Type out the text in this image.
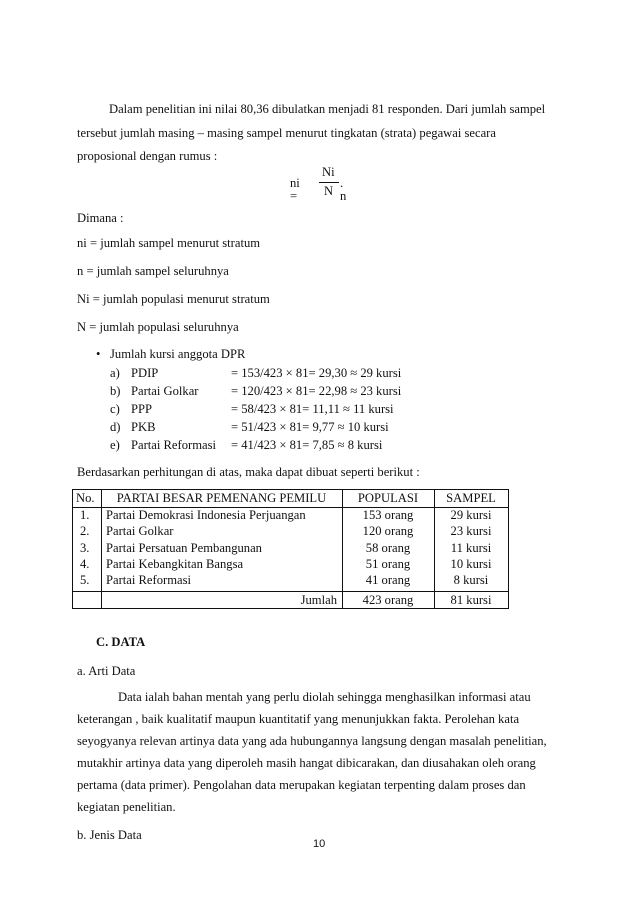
Dalam penelitian ini nilai 80,36 dibulatkan menjadi 81 responden. Dari jumlah sampel
tersebut jumlah masing – masing sampel menurut tingkatan (strata) pegawai secara
proposional dengan rumus :
ni =
Ni
N
. n
Dimana :
ni = jumlah sampel menurut stratum
n = jumlah sampel seluruhnya
Ni = jumlah populasi menurut stratum
N = jumlah populasi seluruhnya
• Jumlah kursi anggota DPR
a) PDIP	= 153/423 × 81= 29,30 ≈ 29 kursi
b) Partai Golkar	= 120/423 × 81= 22,98 ≈ 23 kursi
c) PPP	= 58/423 × 81= 11,11 ≈ 11 kursi
d) PKB	= 51/423 × 81= 9,77 ≈ 10 kursi
e) Partai Reformasi = 41/423 × 81= 7,85 ≈ 8 kursi
Berdasarkan perhitungan di atas, maka dapat dibuat seperti berikut :
No.	PARTAI BESAR PEMENANG PEMILU	POPULASI	SAMPEL
1. Partai Demokrasi Indonesia Perjuangan	153 orang	29 kursi
2. Partai Golkar	120 orang	23 kursi
3. Partai Persatuan Pembangunan	58 orang	11 kursi
4. Partai Kebangkitan Bangsa	51 orang	10 kursi
5. Partai Reformasi	41 orang	8 kursi
Jumlah	423 orang	81 kursi
C. DATA
a. Arti Data
Data ialah bahan mentah yang perlu diolah sehingga menghasilkan informasi atau
keterangan , baik kualitatif maupun kuantitatif yang menunjukkan fakta. Perolehan kata
seyogyanya relevan artinya data yang ada hubungannya langsung dengan masalah penelitian,
mutakhir artinya data yang diperoleh masih hangat dibicarakan, dan diusahakan oleh orang
pertama (data primer). Pengolahan data merupakan kegiatan terpenting dalam proses dan
kegiatan penelitian.
b. Jenis Data
10
